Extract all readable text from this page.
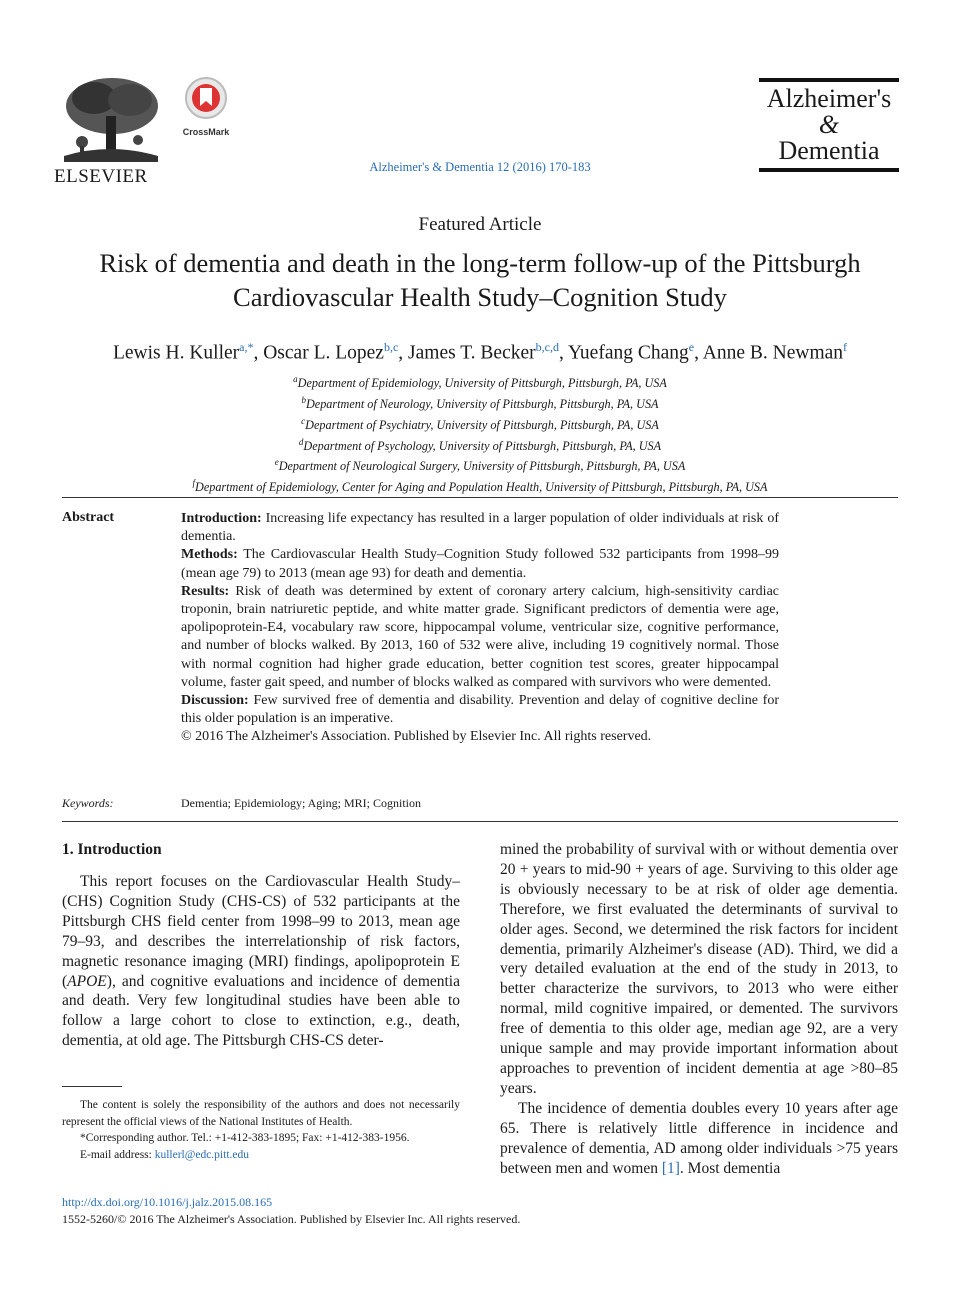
ELSEVIER
CrossMark
Alzheimer's & Dementia 12 (2016) 170-183
Alzheimer's
&
Dementia
Featured Article
Risk of dementia and death in the long-term follow-up of the Pittsburgh Cardiovascular Health Study–Cognition Study
Lewis H. Kuller$^{a,*}$, Oscar L. Lopez$^{b,c}$, James T. Becker$^{b,c,d}$, Yuefang Chang$^e$, Anne B. Newman$^f$
$^a$Department of Epidemiology, University of Pittsburgh, Pittsburgh, PA, USA
$^b$Department of Neurology, University of Pittsburgh, Pittsburgh, PA, USA
$^c$Department of Psychiatry, University of Pittsburgh, Pittsburgh, PA, USA
$^d$Department of Psychology, University of Pittsburgh, Pittsburgh, PA, USA
$^e$Department of Neurological Surgery, University of Pittsburgh, Pittsburgh, PA, USA
$^f$Department of Epidemiology, Center for Aging and Population Health, University of Pittsburgh, Pittsburgh, PA, USA
Abstract	Introduction: Increasing life expectancy has resulted in a larger population of older individuals at risk of dementia.

Methods: The Cardiovascular Health Study–Cognition Study followed 532 participants from 1998–99 (mean age 79) to 2013 (mean age 93) for death and dementia.

Results: Risk of death was determined by extent of coronary artery calcium, high-sensitivity cardiac troponin, brain natriuretic peptide, and white matter grade. Significant predictors of dementia were age, apolipoprotein-E4, vocabulary raw score, hippocampal volume, ventricular size, cognitive performance, and number of blocks walked. By 2013, 160 of 532 were alive, including 19 cognitively normal. Those with normal cognition had higher grade education, better cognition test scores, greater hippocampal volume, faster gait speed, and number of blocks walked as compared with survivors who were demented.

Discussion: Few survived free of dementia and disability. Prevention and delay of cognitive decline for this older population is an imperative.

© 2016 The Alzheimer's Association. Published by Elsevier Inc. All rights reserved.

Keywords:	Dementia; Epidemiology; Aging; MRI; Cognition
1. Introduction

This report focuses on the Cardiovascular Health Study–(CHS) Cognition Study (CHS-CS) of 532 participants at the Pittsburgh CHS field center from 1998–99 to 2013, mean age 79–93, and describes the interrelationship of risk factors, magnetic resonance imaging (MRI) findings, apolipoprotein E (APOE), and cognitive evaluations and incidence of dementia and death. Very few longitudinal studies have been able to follow a large cohort to close to extinction, e.g., death, dementia, at old age. The Pittsburgh CHS-CS deter-

mined the probability of survival with or without dementia over 20 + years to mid-90 + years of age. Surviving to this older age is obviously necessary to be at risk of older age dementia. Therefore, we first evaluated the determinants of survival to older ages. Second, we determined the risk factors for incident dementia, primarily Alzheimer's disease (AD). Third, we did a very detailed evaluation at the end of the study in 2013, to better characterize the survivors, to 2013 who were either normal, mild cognitive impaired, or demented. The survivors free of dementia to this older age, median age 92, are a very unique sample and may provide important information about approaches to prevention of incident dementia at age >80–85 years.

The incidence of dementia doubles every 10 years after age 65. There is relatively little difference in incidence and prevalence of dementia, AD among older individuals >75 years between men and women [1]. Most dementia

The content is solely the responsibility of the authors and does not necessarily represent the official views of the National Institutes of Health.

*Corresponding author. Tel.: +1-412-383-1895; Fax: +1-412-383-1956.

E-mail address: kullerl@edc.pitt.edu

http://dx.doi.org/10.1016/j.jalz.2015.08.165
1552-5260/© 2016 The Alzheimer's Association. Published by Elsevier Inc. All rights reserved.
